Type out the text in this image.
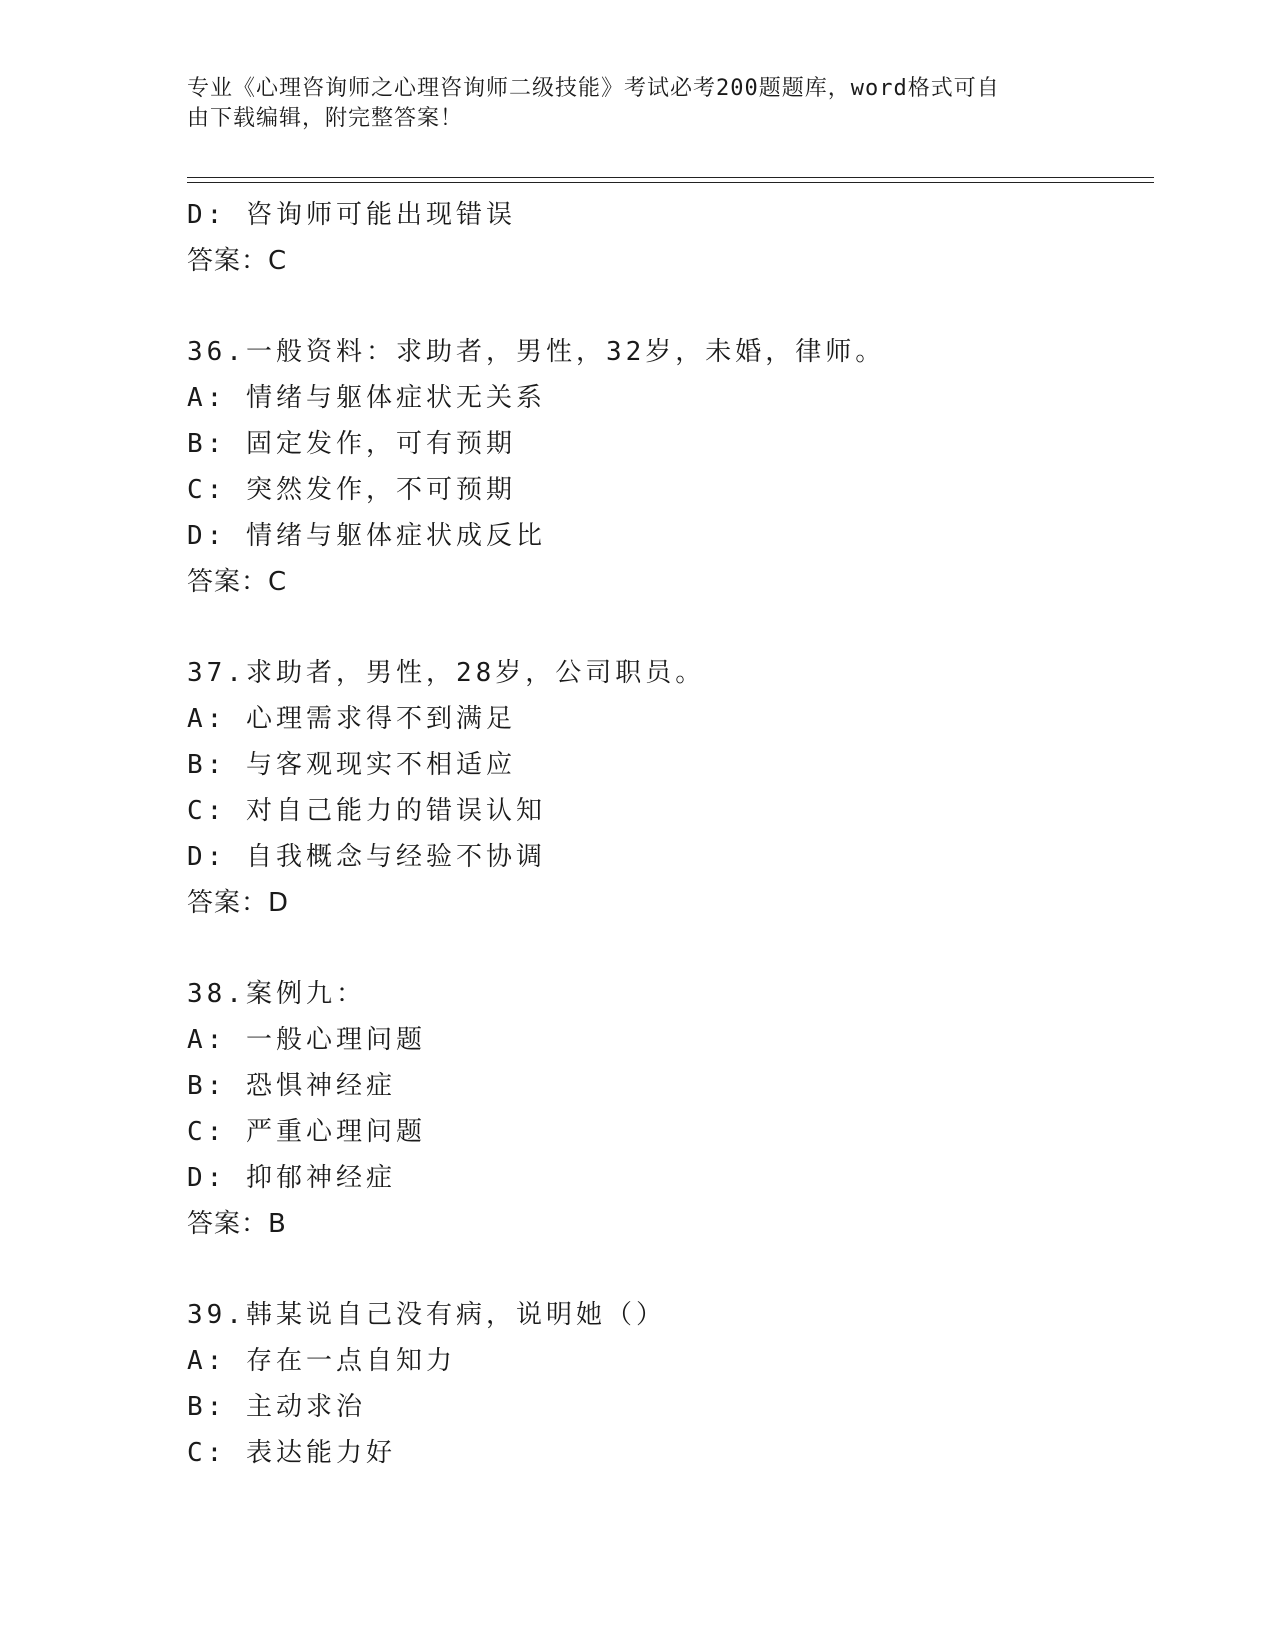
专业《心理咨询师之心理咨询师二级技能》考试必考200题题库，word格式可自
由下载编辑，附完整答案！
D: 咨询师可能出现错误
答案：C
36.一般资料：求助者，男性，32岁，未婚，律师。
A: 情绪与躯体症状无关系
B: 固定发作，可有预期
C: 突然发作，不可预期
D: 情绪与躯体症状成反比
答案：C
37.求助者，男性，28岁，公司职员。
A: 心理需求得不到满足
B: 与客观现实不相适应
C: 对自己能力的错误认知
D: 自我概念与经验不协调
答案：D
38.案例九：
A: 一般心理问题
B: 恐惧神经症
C: 严重心理问题
D: 抑郁神经症
答案：B
39.韩某说自己没有病，说明她（）
A: 存在一点自知力
B: 主动求治
C: 表达能力好
